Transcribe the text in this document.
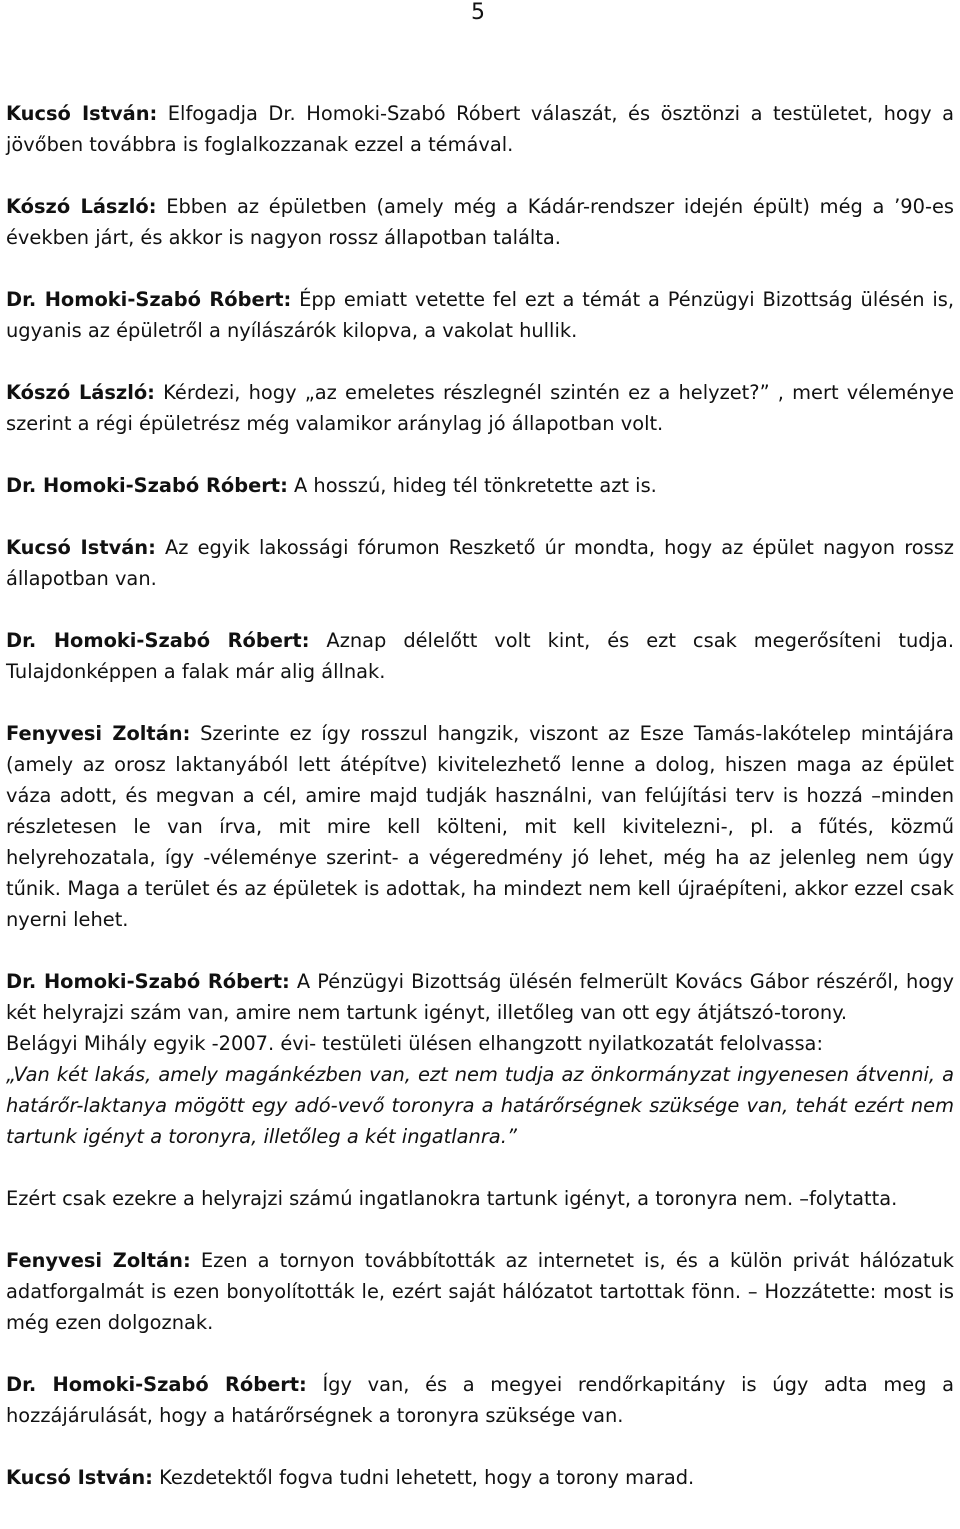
5

Kucsó István: Elfogadja Dr. Homoki-Szabó Róbert válaszát, és ösztönzi a testületet, hogy a jövőben továbbra is foglalkozzanak ezzel a témával.

Kószó László: Ebben az épületben (amely még a Kádár-rendszer idején épült) még a ’90-es években járt, és akkor is nagyon rossz állapotban találta.

Dr. Homoki-Szabó Róbert: Épp emiatt vetette fel ezt a témát a Pénzügyi Bizottság ülésén is, ugyanis az épületről a nyílászárók kilopva, a vakolat hullik.

Kószó László: Kérdezi, hogy „az emeletes részlegnél szintén ez a helyzet?” , mert véleménye szerint a régi épületrész még valamikor aránylag jó állapotban volt.

Dr. Homoki-Szabó Róbert: A hosszú, hideg tél tönkretette azt is.

Kucsó István: Az egyik lakossági fórumon Reszkető úr mondta, hogy az épület nagyon rossz állapotban van.

Dr. Homoki-Szabó Róbert: Aznap délelőtt volt kint, és ezt csak megerősíteni tudja. Tulajdonképpen a falak már alig állnak.

Fenyvesi Zoltán: Szerinte ez így rosszul hangzik, viszont az Esze Tamás-lakótelep mintájára (amely az orosz laktanyából lett átépítve) kivitelezhető lenne a dolog, hiszen maga az épület váza adott, és megvan a cél, amire majd tudják használni, van felújítási terv is hozzá –minden részletesen le van írva, mit mire kell költeni, mit kell kivitelezni-, pl. a fűtés, közmű helyrehozatala, így -véleménye szerint- a végeredmény jó lehet, még ha az jelenleg nem úgy tűnik. Maga a terület és az épületek is adottak, ha mindezt nem kell újraépíteni, akkor ezzel csak nyerni lehet.

Dr. Homoki-Szabó Róbert: A Pénzügyi Bizottság ülésén felmerült Kovács Gábor részéről, hogy két helyrajzi szám van, amire nem tartunk igényt, illetőleg van ott egy átjátszó-torony.
Belágyi Mihály egyik -2007. évi- testületi ülésen elhangzott nyilatkozatát felolvassa:
„Van két lakás, amely magánkézben van, ezt nem tudja az önkormányzat ingyenesen átvenni, a határőr-laktanya mögött egy adó-vevő toronyra a határőrségnek szüksége van, tehát ezért nem tartunk igényt a toronyra, illetőleg a két ingatlanra.”

Ezért csak ezekre a helyrajzi számú ingatlanokra tartunk igényt, a toronyra nem. –folytatta.

Fenyvesi Zoltán: Ezen a tornyon továbbították az internetet is, és a külön privát hálózatuk adatforgalmát is ezen bonyolították le, ezért saját hálózatot tartottak fönn. – Hozzátette: most is még ezen dolgoznak.

Dr. Homoki-Szabó Róbert: Így van, és a megyei rendőrkapitány is úgy adta meg a hozzájárulását, hogy a határőrségnek a toronyra szüksége van.

Kucsó István: Kezdetektől fogva tudni lehetett, hogy a torony marad.
